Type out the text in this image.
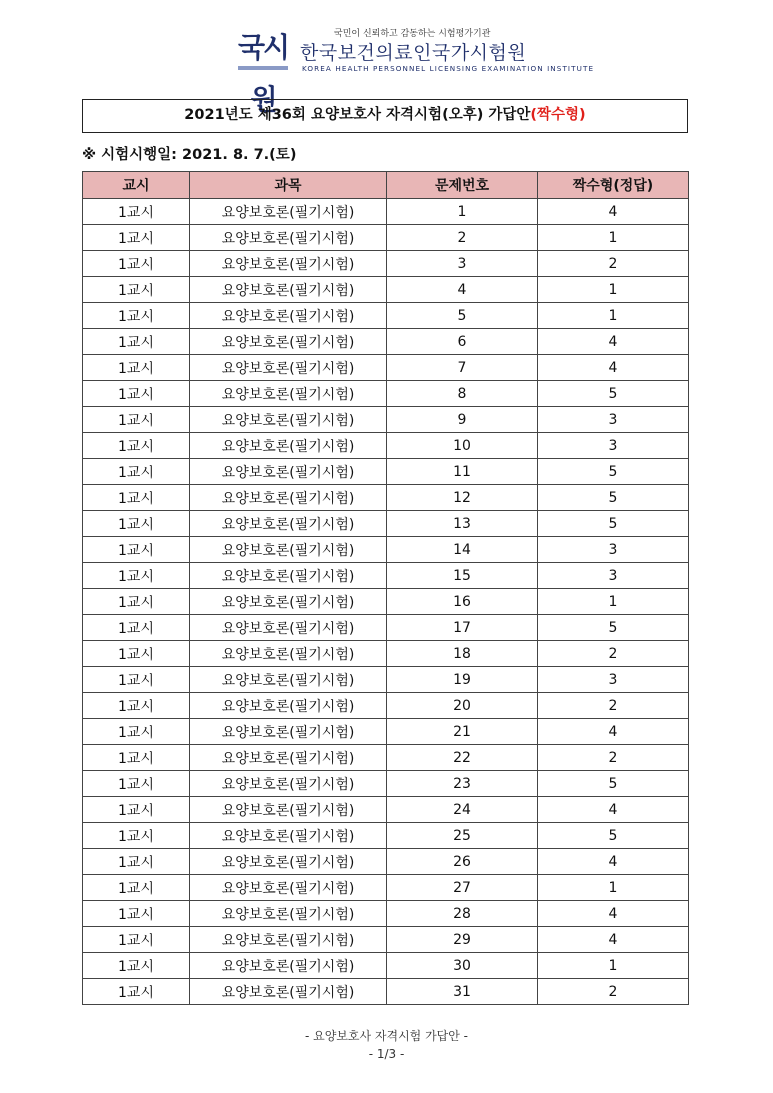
국시원
국민이 신뢰하고 감동하는 시험평가기관
한국보건의료인국가시험원
KOREA HEALTH PERSONNEL LICENSING EXAMINATION INSTITUTE
2021년도 제36회 요양보호사 자격시험(오후) 가답안(짝수형)
※ 시험시행일: 2021. 8. 7.(토)
교시	과목	문제번호	짝수형(정답)
1교시	요양보호론(필기시험)	1	4
1교시	요양보호론(필기시험)	2	1
1교시	요양보호론(필기시험)	3	2
1교시	요양보호론(필기시험)	4	1
1교시	요양보호론(필기시험)	5	1
1교시	요양보호론(필기시험)	6	4
1교시	요양보호론(필기시험)	7	4
1교시	요양보호론(필기시험)	8	5
1교시	요양보호론(필기시험)	9	3
1교시	요양보호론(필기시험)	10	3
1교시	요양보호론(필기시험)	11	5
1교시	요양보호론(필기시험)	12	5
1교시	요양보호론(필기시험)	13	5
1교시	요양보호론(필기시험)	14	3
1교시	요양보호론(필기시험)	15	3
1교시	요양보호론(필기시험)	16	1
1교시	요양보호론(필기시험)	17	5
1교시	요양보호론(필기시험)	18	2
1교시	요양보호론(필기시험)	19	3
1교시	요양보호론(필기시험)	20	2
1교시	요양보호론(필기시험)	21	4
1교시	요양보호론(필기시험)	22	2
1교시	요양보호론(필기시험)	23	5
1교시	요양보호론(필기시험)	24	4
1교시	요양보호론(필기시험)	25	5
1교시	요양보호론(필기시험)	26	4
1교시	요양보호론(필기시험)	27	1
1교시	요양보호론(필기시험)	28	4
1교시	요양보호론(필기시험)	29	4
1교시	요양보호론(필기시험)	30	1
1교시	요양보호론(필기시험)	31	2
- 요양보호사 자격시험 가답안 -
- 1/3 -
